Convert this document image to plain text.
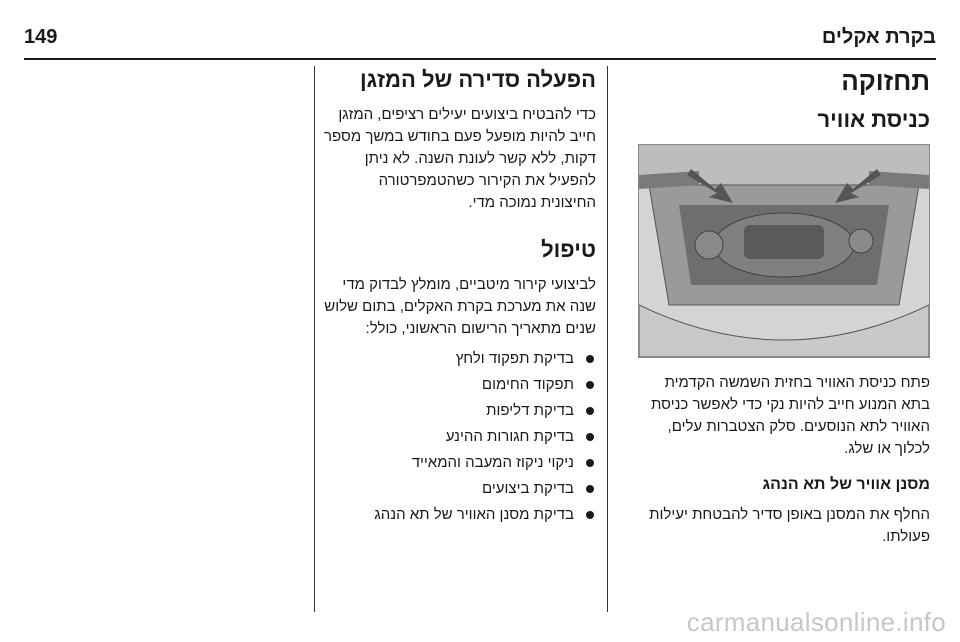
בקרת אקלים
149
תחזוקה
כניסת אוויר

פתח כניסת האוויר בחזית השמשה הקדמית בתא המנוע חייב להיות נקי כדי לאפשר כניסת האוויר לתא הנוסעים. סלק הצטברות עלים, לכלוך או שלג.

מסנן אוויר של תא הנהג

החלף את המסנן באופן סדיר להבטחת יעילות פעולתו.

הפעלה סדירה של המזגן

כדי להבטיח ביצועים יעילים רציפים, המזגן חייב להיות מופעל פעם בחודש במשך מספר דקות, ללא קשר לעונת השנה. לא ניתן להפעיל את הקירור כשהטמפרטורה החיצונית נמוכה מדי.

טיפול

לביצועי קירור מיטביים, מומלץ לבדוק מדי שנה את מערכת בקרת האקלים, בתום שלוש שנים מתאריך הרישום הראשוני, כולל:

בדיקת תפקוד ולחץ
תפקוד החימום
בדיקת דליפות
בדיקת חגורות ההינע
ניקוי ניקוז המעבה והמאייד
בדיקת ביצועים
בדיקת מסנן האוויר של תא הנהג
carmanualsonline.info
